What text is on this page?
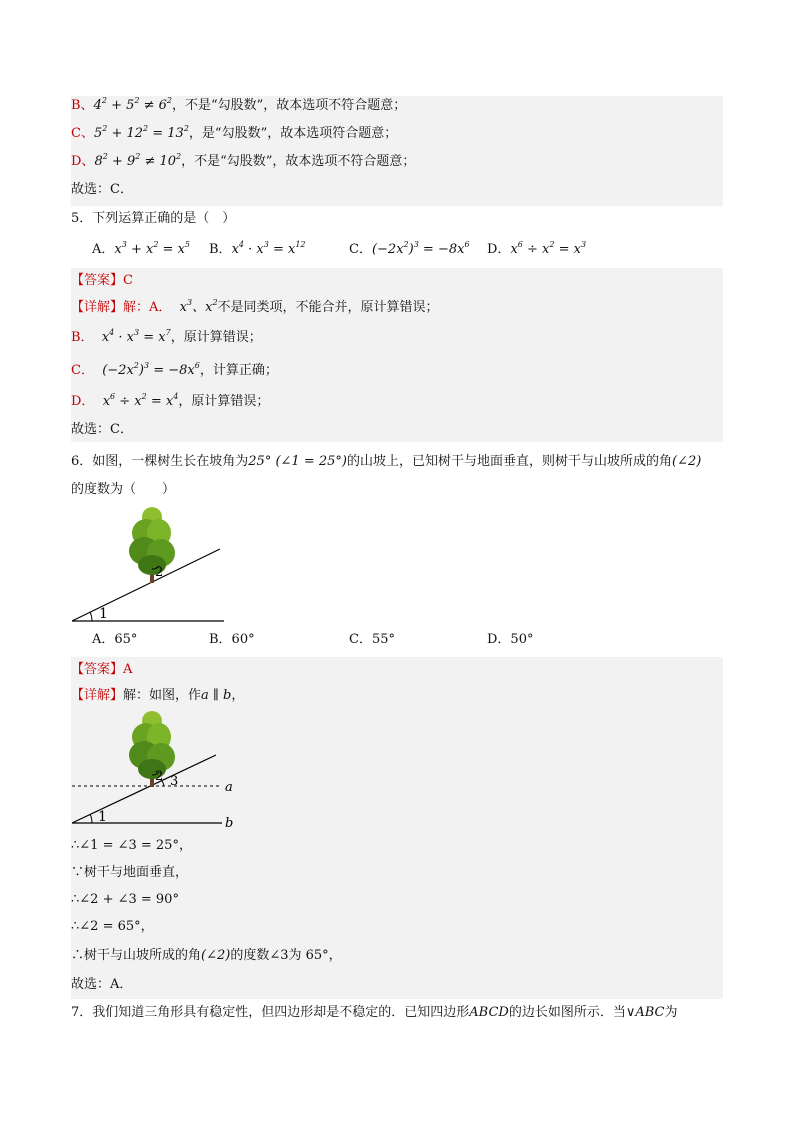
B、$4^2 + 5^2 \ne 6^2$，不是“勾股数”，故本选项不符合题意；
C、$5^2 + 12^2 = 13^2$，是“勾股数”，故本选项符合题意；
D、$8^2 + 9^2 \ne 10^2$，不是“勾股数”，故本选项不符合题意；
故选：C．
5．下列运算正确的是（　）
A．$x^3 + x^2 = x^5$ B．$x^4 \cdot x^3 = x^{12}$	C．$(-2x^2)^3 = -8x^6$ D．$x^6 \div x^2 = x^3$
【答案】C
【详解】解：A． $x^3$、$x^2$不是同类项，不能合并，原计算错误；
B． $x^4 \cdot x^3 = x^7$，原计算错误；
C． $(-2x^2)^3 = -8x^6$，计算正确；
D． $x^6 \div x^2 = x^4$，原计算错误；
故选：C．
6．如图，一棵树生长在坡角为25° (∠1 = 25°)的山坡上，已知树干与地面垂直，则树干与山坡所成的角(∠2)
的度数为（　　）
1
2
A．65°	B．60°	C．55°	D．50°
【答案】A
【详解】解：如图，作a ∥ b，
1
a
b
2 3
∴∠1 = ∠3 = 25°，
∵树干与地面垂直，
∴∠2 + ∠3 = 90°
∴∠2 = 65°，
∴树干与山坡所成的角(∠2)的度数∠3为 65°，
故选：A．
7．我们知道三角形具有稳定性，但四边形却是不稳定的．已知四边形ABCD的边长如图所示．当∨ABC为
